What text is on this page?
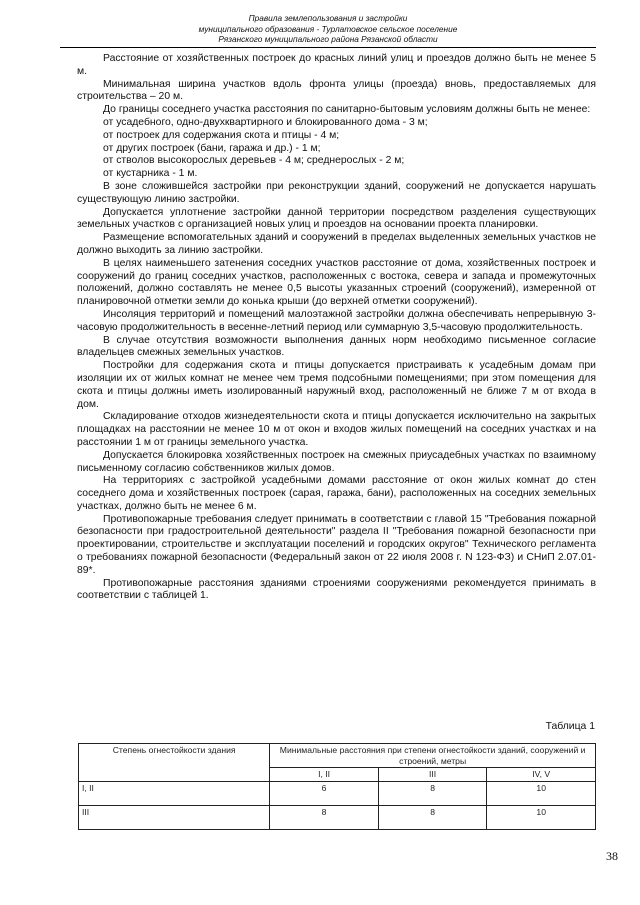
Правила землепользования и застройки
муниципального образования - Турлатовское сельское поселение
Рязанского муниципального района Рязанской области

Расстояние от хозяйственных построек до красных линий улиц и проездов должно быть не менее 5 м.

Минимальная ширина участков вдоль фронта улицы (проезда) вновь, предоставляемых для строительства – 20 м.

До границы соседнего участка расстояния по санитарно-бытовым условиям должны быть не менее:

от усадебного, одно-двухквартирного и блокированного дома - 3 м;

от построек для содержания скота и птицы - 4 м;

от других построек (бани, гаража и др.) - 1 м;

от стволов высокорослых деревьев - 4 м; среднерослых - 2 м;

от кустарника - 1 м.

В зоне сложившейся застройки при реконструкции зданий, сооружений не допускается нарушать существующую линию застройки.

Допускается уплотнение застройки данной территории посредством разделения существующих земельных участков с организацией новых улиц и проездов на основании проекта планировки.

Размещение вспомогательных зданий и сооружений в пределах выделенных земельных участков не должно выходить за линию застройки.

В целях наименьшего затенения соседних участков расстояние от дома, хозяйственных построек и сооружений до границ соседних участков, расположенных с востока, севера и запада и промежуточных положений, должно составлять не менее 0,5 высоты указанных строений (сооружений), измеренной от планировочной отметки земли до конька крыши (до верхней отметки сооружений).

Инсоляция территорий и помещений малоэтажной застройки должна обеспечивать непрерывную 3-часовую продолжительность в весенне-летний период или суммарную 3,5-часовую продолжительность.

В случае отсутствия возможности выполнения данных норм необходимо письменное согласие владельцев смежных земельных участков.

Постройки для содержания скота и птицы допускается пристраивать к усадебным домам при изоляции их от жилых комнат не менее чем тремя подсобными помещениями; при этом помещения для скота и птицы должны иметь изолированный наружный вход, расположенный не ближе 7 м от входа в дом.

Складирование отходов жизнедеятельности скота и птицы допускается исключительно на закрытых площадках на расстоянии не менее 10 м от окон и входов жилых помещений на соседних участках и на расстоянии 1 м от границы земельного участка.

Допускается блокировка хозяйственных построек на смежных приусадебных участках по взаимному письменному согласию собственников жилых домов.

На территориях с застройкой усадебными домами расстояние от окон жилых комнат до стен соседнего дома и хозяйственных построек (сарая, гаража, бани), расположенных на соседних земельных участках, должно быть не менее 6 м.

Противопожарные требования следует принимать в соответствии с главой 15 "Требования пожарной безопасности при градостроительной деятельности" раздела II "Требования пожарной безопасности при проектировании, строительстве и эксплуатации поселений и городских округов" Технического регламента о требованиях пожарной безопасности (Федеральный закон от 22 июля 2008 г. N 123-ФЗ) и СНиП 2.07.01-89*.

Противопожарные расстояния зданиями строениями сооружениями рекомендуется принимать в соответствии с таблицей 1.

Таблица 1
Степень огнестойкости здания	Минимальные расстояния при степени огнестойкости зданий, сооружений и строений, метры		
	I, II	III	IV, V
I, II	6	8	10
III	8	8	10
38
